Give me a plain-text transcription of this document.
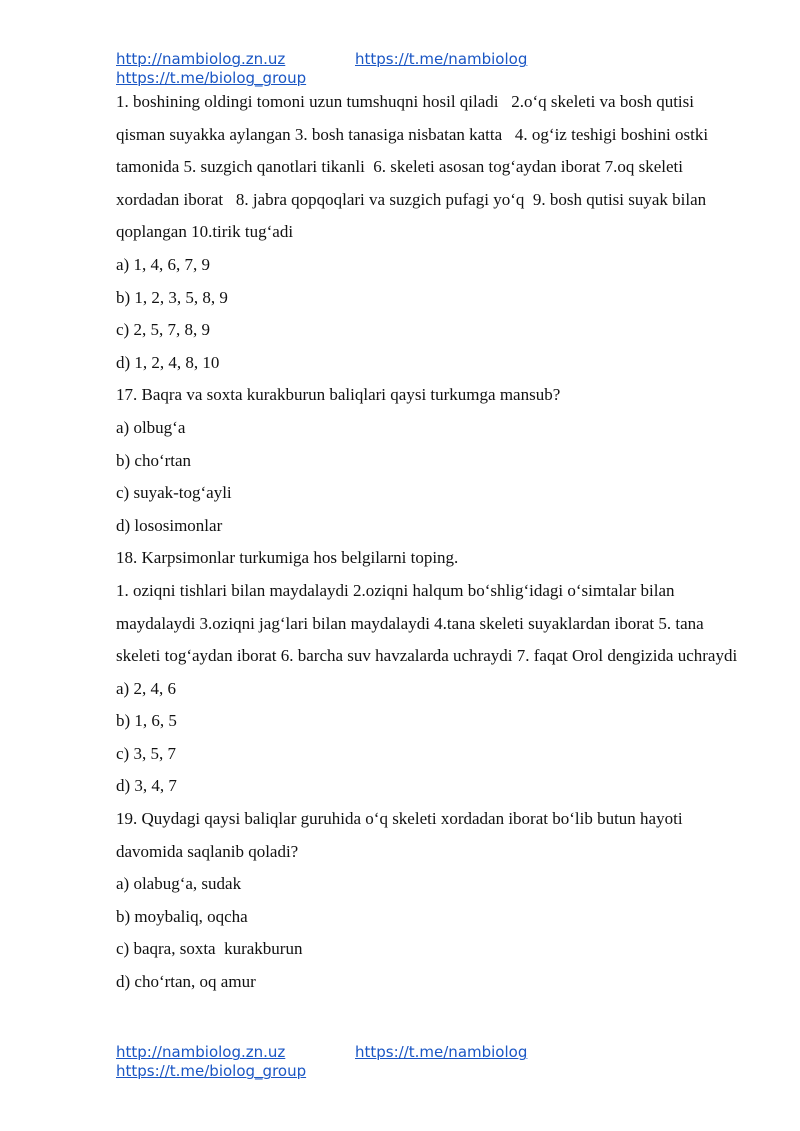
http://nambiolog.zn.uz	https://t.me/nambiolog
https://t.me/biolog_group

1. boshining oldingi tomoni uzun tumshuqni hosil qiladi   2.o‘q skeleti va bosh qutisi qisman suyakka aylangan 3. bosh tanasiga nisbatan katta   4. og‘iz teshigi boshini ostki tamonida 5. suzgich qanotlari tikanli  6. skeleti asosan tog‘aydan iborat 7.oq skeleti xordadan iborat   8. jabra qopqoqlari va suzgich pufagi yo‘q  9. bosh qutisi suyak bilan qoplangan 10.tirik tug‘adi

a) 1, 4, 6, 7, 9

b) 1, 2, 3, 5, 8, 9

c) 2, 5, 7, 8, 9

d) 1, 2, 4, 8, 10

17. Baqra va soxta kurakburun baliqlari qaysi turkumga mansub?

a) olbug‘a

b) cho‘rtan

c) suyak-tog‘ayli

d) lososimonlar

18. Karpsimonlar turkumiga hos belgilarni toping.

1. oziqni tishlari bilan maydalaydi 2.oziqni halqum bo‘shlig‘idagi o‘simtalar bilan maydalaydi 3.oziqni jag‘lari bilan maydalaydi 4.tana skeleti suyaklardan iborat 5. tana skeleti tog‘aydan iborat 6. barcha suv havzalarda uchraydi 7. faqat Orol dengizida uchraydi

a) 2, 4, 6

b) 1, 6, 5

c) 3, 5, 7

d) 3, 4, 7

19. Quydagi qaysi baliqlar guruhida o‘q skeleti xordadan iborat bo‘lib butun hayoti davomida saqlanib qoladi?

a) olabug‘a, sudak

b) moybaliq, oqcha

c) baqra, soxta  kurakburun

d) cho‘rtan, oq amur

http://nambiolog.zn.uz	https://t.me/nambiolog
https://t.me/biolog_group
